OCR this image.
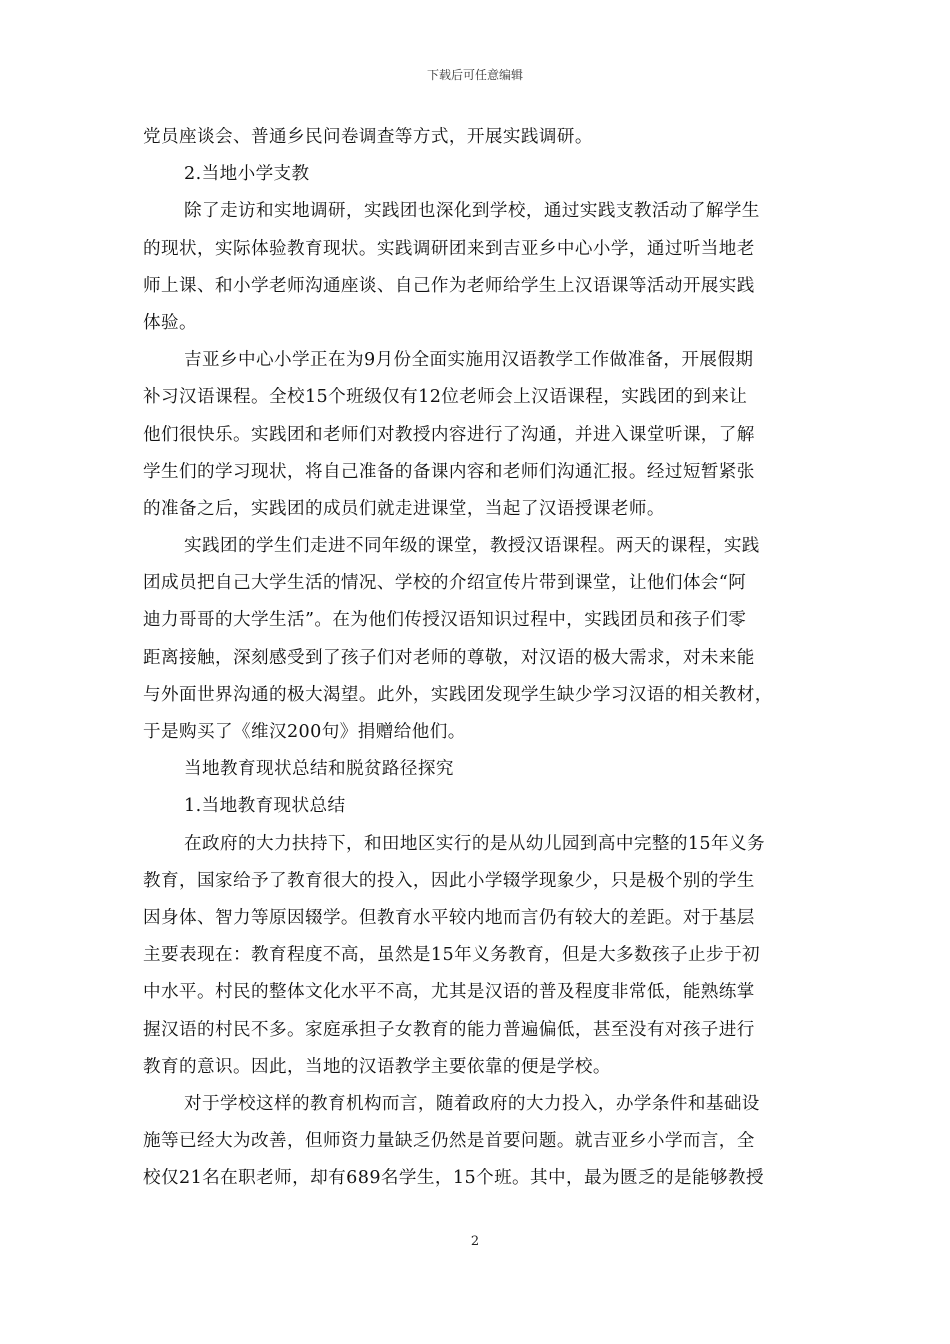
下载后可任意编辑
党员座谈会、普通乡民问卷调查等方式，开展实践调研。
2.当地小学支教
除了走访和实地调研，实践团也深化到学校，通过实践支教活动了解学生
的现状，实际体验教育现状。实践调研团来到吉亚乡中心小学，通过听当地老
师上课、和小学老师沟通座谈、自己作为老师给学生上汉语课等活动开展实践
体验。
吉亚乡中心小学正在为9月份全面实施用汉语教学工作做准备，开展假期
补习汉语课程。全校15个班级仅有12位老师会上汉语课程，实践团的到来让
他们很快乐。实践团和老师们对教授内容进行了沟通，并进入课堂听课，了解
学生们的学习现状，将自己准备的备课内容和老师们沟通汇报。经过短暂紧张
的准备之后，实践团的成员们就走进课堂，当起了汉语授课老师。
实践团的学生们走进不同年级的课堂，教授汉语课程。两天的课程，实践
团成员把自己大学生活的情况、学校的介绍宣传片带到课堂，让他们体会“阿
迪力哥哥的大学生活”。在为他们传授汉语知识过程中，实践团员和孩子们零
距离接触，深刻感受到了孩子们对老师的尊敬，对汉语的极大需求，对未来能
与外面世界沟通的极大渴望。此外，实践团发现学生缺少学习汉语的相关教材，
于是购买了《维汉200句》捐赠给他们。
当地教育现状总结和脱贫路径探究
1.当地教育现状总结
在政府的大力扶持下，和田地区实行的是从幼儿园到高中完整的15年义务
教育，国家给予了教育很大的投入，因此小学辍学现象少，只是极个别的学生
因身体、智力等原因辍学。但教育水平较内地而言仍有较大的差距。对于基层
主要表现在：教育程度不高，虽然是15年义务教育，但是大多数孩子止步于初
中水平。村民的整体文化水平不高，尤其是汉语的普及程度非常低，能熟练掌
握汉语的村民不多。家庭承担子女教育的能力普遍偏低，甚至没有对孩子进行
教育的意识。因此，当地的汉语教学主要依靠的便是学校。
对于学校这样的教育机构而言，随着政府的大力投入，办学条件和基础设
施等已经大为改善，但师资力量缺乏仍然是首要问题。就吉亚乡小学而言，全
校仅21名在职老师，却有689名学生，15个班。其中，最为匮乏的是能够教授
2
